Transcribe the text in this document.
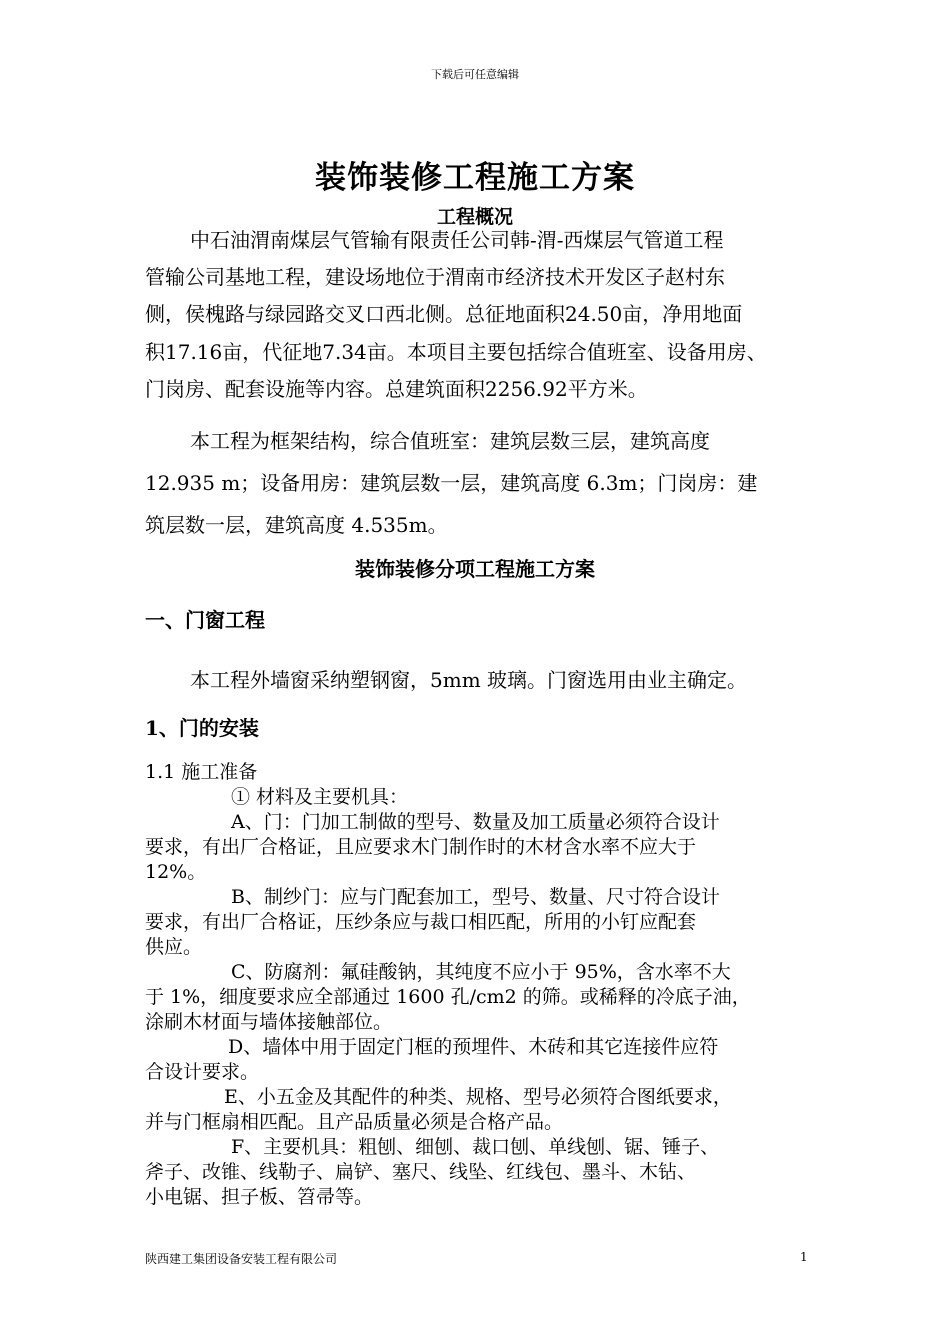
下载后可任意编辑
装饰装修工程施工方案
工程概况
中石油渭南煤层气管输有限责任公司韩-渭-西煤层气管道工程
管输公司基地工程，建设场地位于渭南市经济技术开发区子赵村东
侧，侯槐路与绿园路交叉口西北侧。总征地面积24.50亩，净用地面
积17.16亩，代征地7.34亩。本项目主要包括综合值班室、设备用房、
门岗房、配套设施等内容。总建筑面积2256.92平方米。
本工程为框架结构，综合值班室：建筑层数三层，建筑高度
12.935 m；设备用房：建筑层数一层，建筑高度 6.3m；门岗房：建
筑层数一层，建筑高度 4.535m。
装饰装修分项工程施工方案
一、门窗工程
本工程外墙窗采纳塑钢窗，5mm 玻璃。门窗选用由业主确定。
1、门的安装
1.1 施工准备
① 材料及主要机具：
A、门：门加工制做的型号、数量及加工质量必须符合设计
要求，有出厂合格证，且应要求木门制作时的木材含水率不应大于
12%。
B、制纱门：应与门配套加工，型号、数量、尺寸符合设计
要求，有出厂合格证，压纱条应与裁口相匹配，所用的小钉应配套
供应。
C、防腐剂：氟硅酸钠，其纯度不应小于 95%，含水率不大
于 1%，细度要求应全部通过 1600 孔/cm2 的筛。或稀释的冷底子油，
涂刷木材面与墙体接触部位。
D、墙体中用于固定门框的预埋件、木砖和其它连接件应符
合设计要求。
E、小五金及其配件的种类、规格、型号必须符合图纸要求，
并与门框扇相匹配。且产品质量必须是合格产品。
F、主要机具：粗刨、细刨、裁口刨、单线刨、锯、锤子、
斧子、改锥、线勒子、扁铲、塞尺、线坠、红线包、墨斗、木钻、
小电锯、担子板、笤帚等。
陕西建工集团设备安装工程有限公司	1
